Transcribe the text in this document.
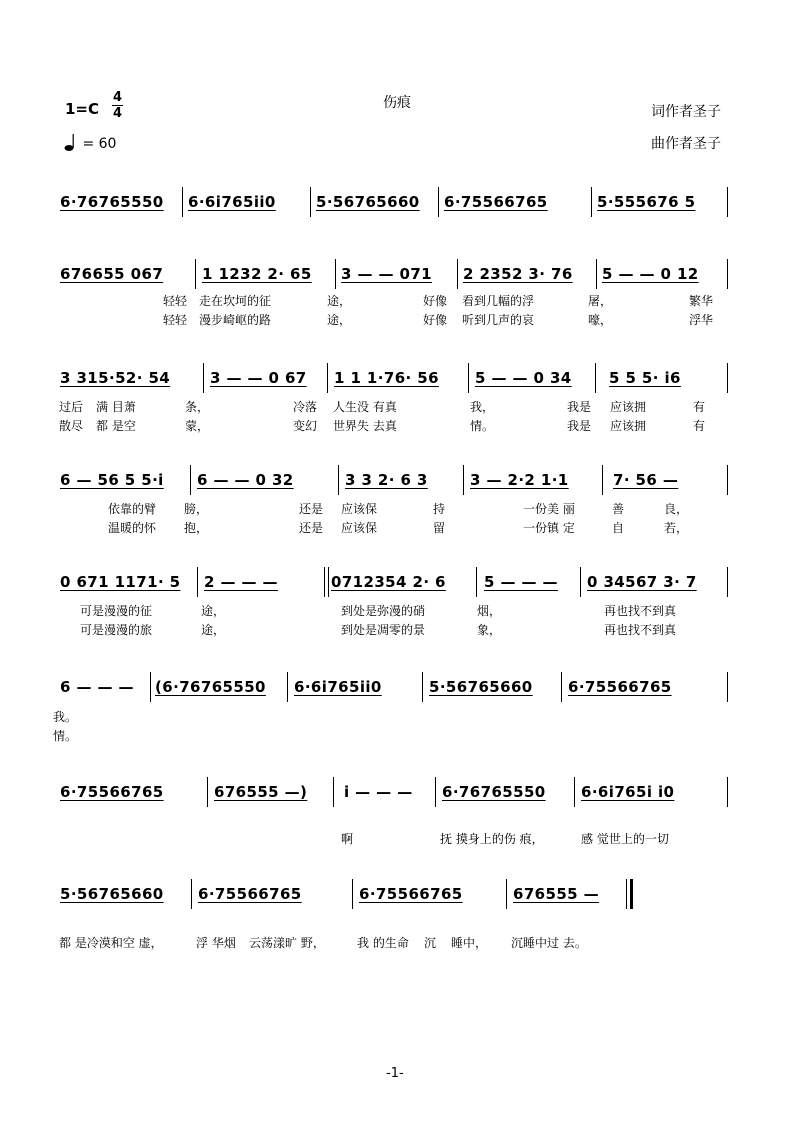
1=C
4
4
= 60
伤痕
词作者圣子
曲作者圣子
6·76765550 6·6i765ii0	5·56765660 6·75566765	5·555676 5
676655 067	1 1232 2· 65 3 — — 071 2 2352 3· 76 5 — — 0 12
轻轻 走在坎坷的征	途，	好像 看到几幅的浮	屠，	繁华
轻轻 漫步崎岖的路	途，	好像 听到几声的哀	嚎，	浮华
3 315·52· 54	3 — — 0 67 1 1 1·76· 56 5 — — 0 34 5 5 5· i6
过后 满 目萧	条，	冷落 人生没 有真	我，	我是 应该拥	有
散尽 都 是空	蒙，	变幻 世界失 去真	情。	我是 应该拥	有
6 — 56 5 5·i 6 — — 0 32	3 3 2· 6 3	3 — 2·2 1·1	7· 56 —
依靠的臂 膀，	还是 应该保	持	一份美 丽	善	良，
温暖的怀 抱，	还是 应该保	留	一份镇 定	自	若，
0 671 1171· 5 2 — — —	0712354 2· 6	5 — — — 0 34567 3· 7
可是漫漫的征	途，	到处是弥漫的硝	烟，	再也找不到真
可是漫漫的旅	途，	到处是凋零的景	象，	再也找不到真
6 — — — (6·76765550 6·6i765ii0	5·56765660 6·75566765
我。
情。
6·75566765	676555 —) i — — — 6·76765550 6·6i765i i0
啊	抚 摸身上的伤 痕，	感 觉世上的一切
5·56765660 6·75566765	6·75566765	676555 —
都 是冷漠和空 虚，	浮 华烟 云荡漾旷 野，	我 的生命 沉 睡中， 沉睡中过 去。
-1-
